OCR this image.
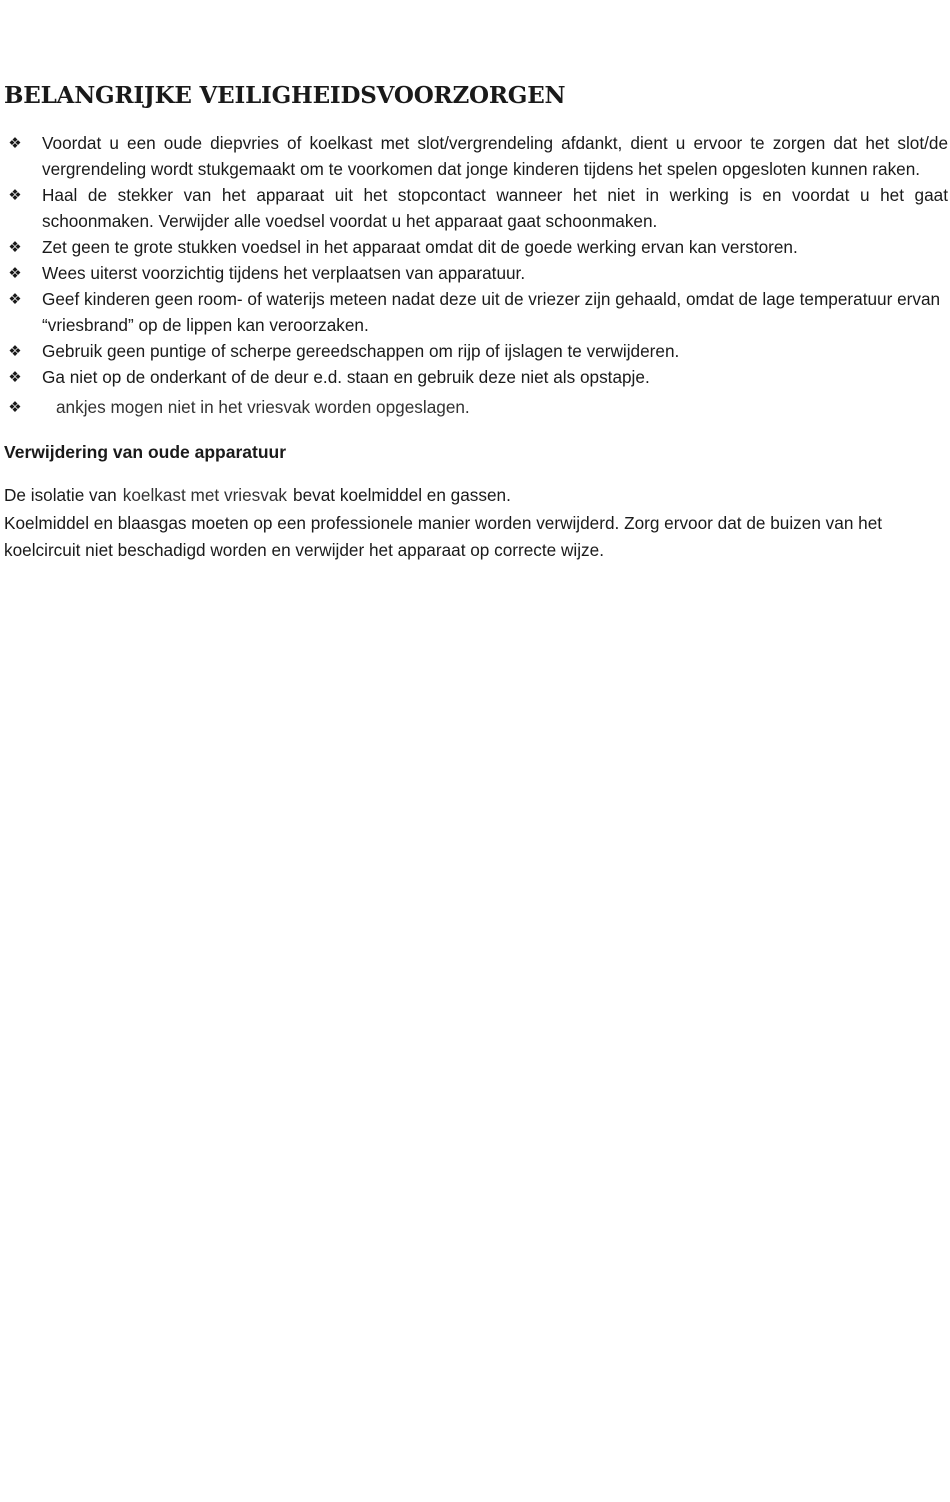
BELANGRIJKE VEILIGHEIDSVOORZORGEN
❖ Voordat u een oude diepvries of koelkast met slot/vergrendeling afdankt, dient u ervoor te zorgen dat het slot/de vergrendeling wordt stukgemaakt om te voorkomen dat jonge kinderen tijdens het spelen opgesloten kunnen raken.
❖ Haal de stekker van het apparaat uit het stopcontact wanneer het niet in werking is en voordat u het gaat schoonmaken. Verwijder alle voedsel voordat u het apparaat gaat schoonmaken.
❖ Zet geen te grote stukken voedsel in het apparaat omdat dit de goede werking ervan kan verstoren.
❖ Wees uiterst voorzichtig tijdens het verplaatsen van apparatuur.
❖ Geef kinderen geen room- of waterijs meteen nadat deze uit de vriezer zijn gehaald, omdat de lage temperatuur ervan “vriesbrand” op de lippen kan veroorzaken.
❖ Gebruik geen puntige of scherpe gereedschappen om rijp of ijslagen te verwijderen.
❖ Ga niet op de onderkant of de deur e.d. staan en gebruik deze niet als opstapje.
❖ ankjes mogen niet in het vriesvak worden opgeslagen.
Verwijdering van oude apparatuur

De isolatie van koelkast met vriesvak bevat koelmiddel en gassen.

Koelmiddel en blaasgas moeten op een professionele manier worden verwijderd. Zorg ervoor dat de buizen van het koelcircuit niet beschadigd worden en verwijder het apparaat op correcte wijze.
